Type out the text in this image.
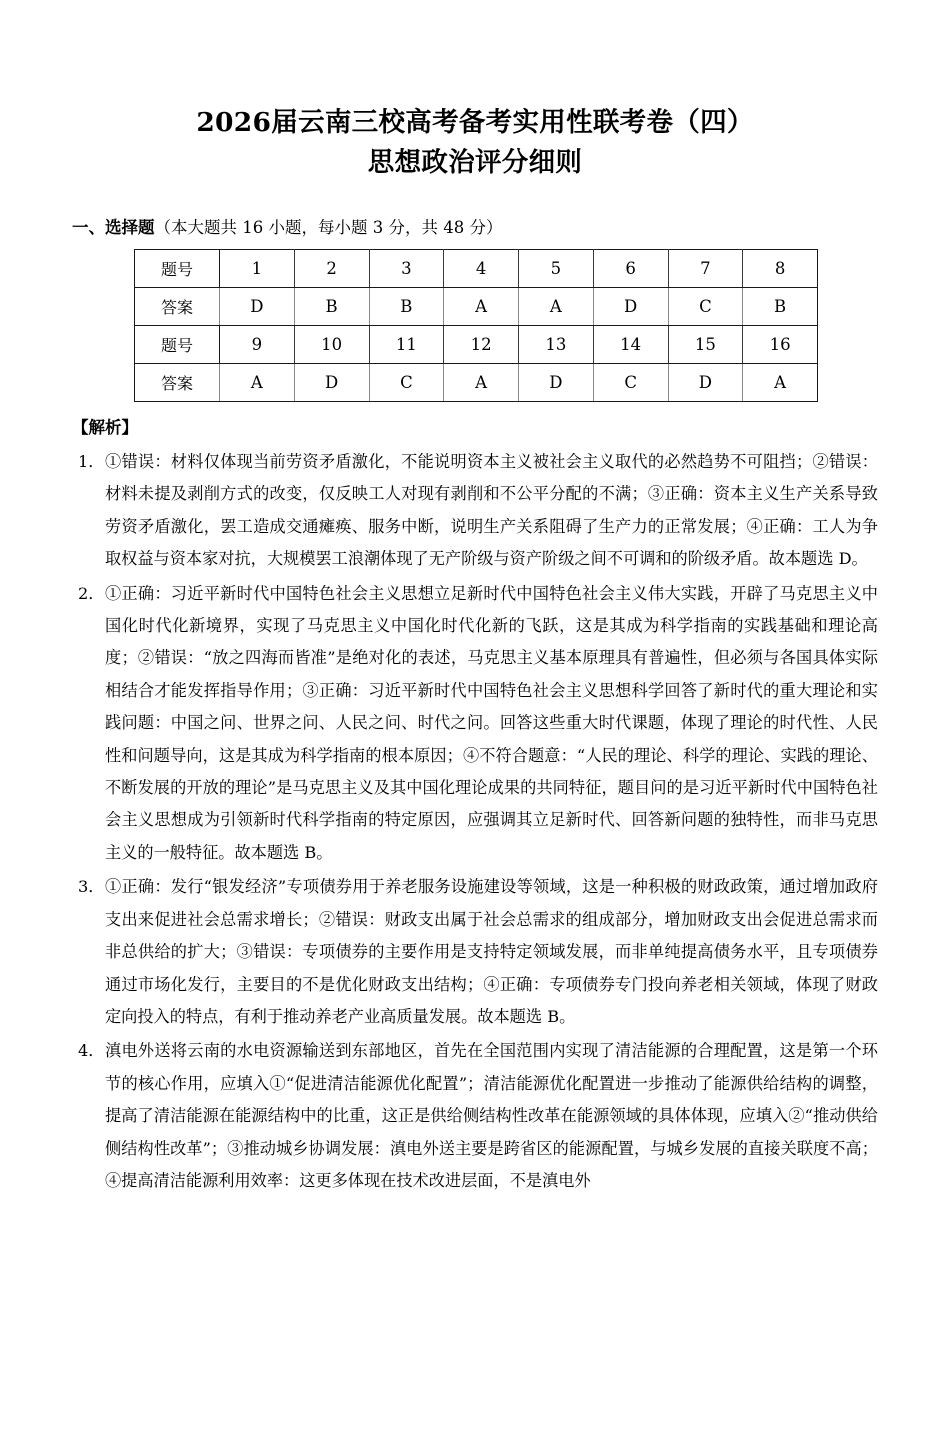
2026届云南三校高考备考实用性联考卷（四）
思想政治评分细则
一、选择题（本大题共 16 小题，每小题 3 分，共 48 分）
题号	1	2	3	4	5	6	7	8
答案	D	B	B	A	A	D	C	B
题号	9	10	11	12	13	14	15	16
答案	A	D	C	A	D	C	D	A
【解析】
1． ①错误：材料仅体现当前劳资矛盾激化，不能说明资本主义被社会主义取代的必然趋势不可阻挡；②错误：材料未提及剥削方式的改变，仅反映工人对现有剥削和不公平分配的不满；③正确：资本主义生产关系导致劳资矛盾激化，罢工造成交通瘫痪、服务中断，说明生产关系阻碍了生产力的正常发展；④正确：工人为争取权益与资本家对抗，大规模罢工浪潮体现了无产阶级与资产阶级之间不可调和的阶级矛盾。故本题选 D。
2． ①正确：习近平新时代中国特色社会主义思想立足新时代中国特色社会主义伟大实践，开辟了马克思主义中国化时代化新境界，实现了马克思主义中国化时代化新的飞跃，这是其成为科学指南的实践基础和理论高度；②错误：“放之四海而皆准”是绝对化的表述，马克思主义基本原理具有普遍性，但必须与各国具体实际相结合才能发挥指导作用；③正确：习近平新时代中国特色社会主义思想科学回答了新时代的重大理论和实践问题：中国之问、世界之问、人民之问、时代之问。回答这些重大时代课题，体现了理论的时代性、人民性和问题导向，这是其成为科学指南的根本原因；④不符合题意：“人民的理论、科学的理论、实践的理论、不断发展的开放的理论”是马克思主义及其中国化理论成果的共同特征，题目问的是习近平新时代中国特色社会主义思想成为引领新时代科学指南的特定原因，应强调其立足新时代、回答新问题的独特性，而非马克思主义的一般特征。故本题选 B。
3． ①正确：发行“银发经济”专项债券用于养老服务设施建设等领域，这是一种积极的财政政策，通过增加政府支出来促进社会总需求增长；②错误：财政支出属于社会总需求的组成部分，增加财政支出会促进总需求而非总供给的扩大；③错误：专项债券的主要作用是支持特定领域发展，而非单纯提高债务水平，且专项债券通过市场化发行，主要目的不是优化财政支出结构；④正确：专项债券专门投向养老相关领域，体现了财政定向投入的特点，有利于推动养老产业高质量发展。故本题选 B。
4． 滇电外送将云南的水电资源输送到东部地区，首先在全国范围内实现了清洁能源的合理配置，这是第一个环节的核心作用，应填入①“促进清洁能源优化配置”；清洁能源优化配置进一步推动了能源供给结构的调整，提高了清洁能源在能源结构中的比重，这正是供给侧结构性改革在能源领域的具体体现，应填入②“推动供给侧结构性改革”；③推动城乡协调发展：滇电外送主要是跨省区的能源配置，与城乡发展的直接关联度不高；④提高清洁能源利用效率：这更多体现在技术改进层面，不是滇电外
